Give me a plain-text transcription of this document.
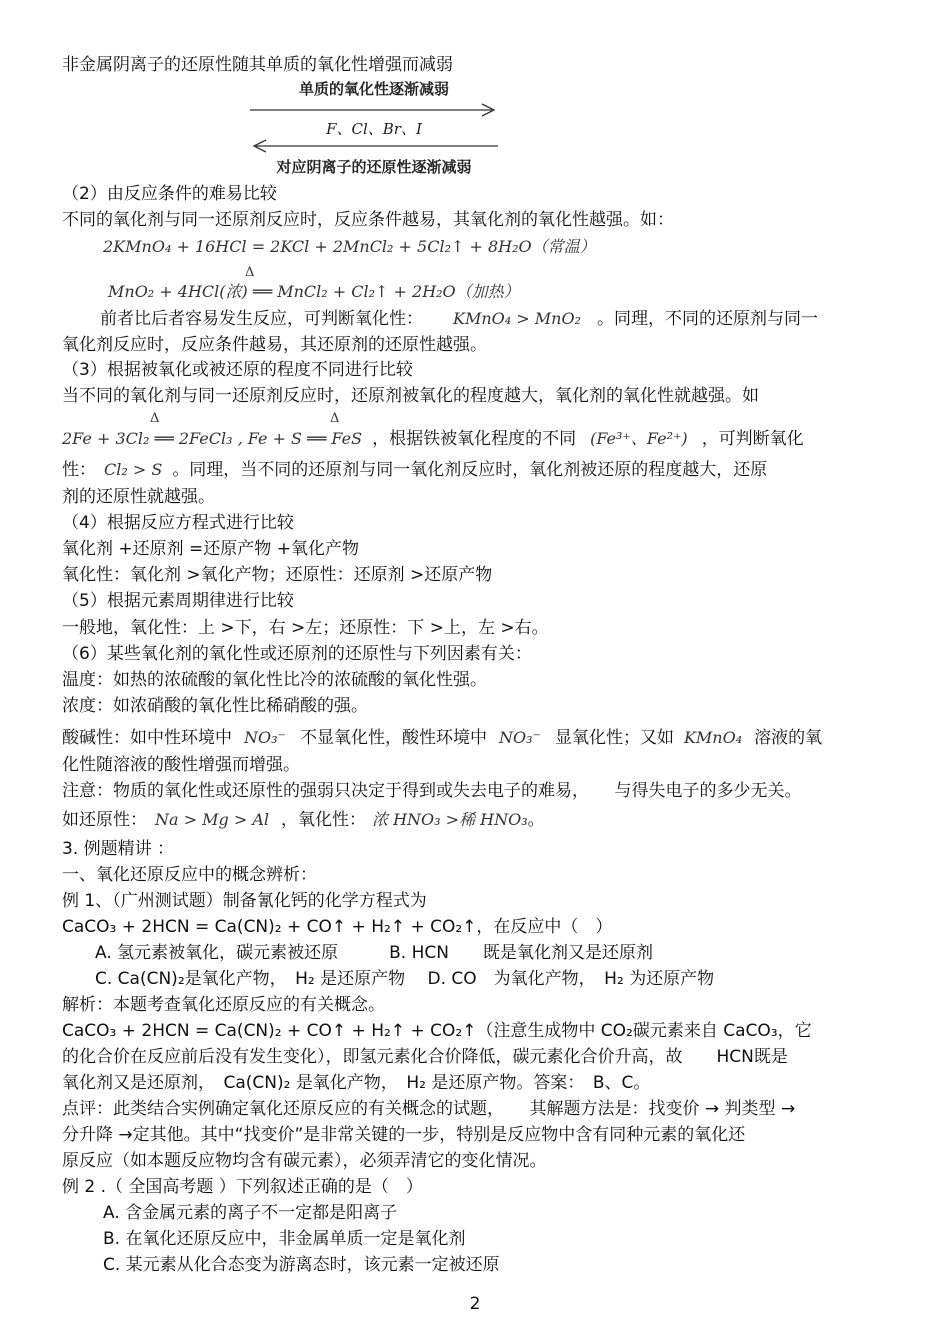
非金属阴离子的还原性随其单质的氧化性增强而减弱
单质的氧化性逐渐减弱
F、Cl、Br、I
对应阴离子的还原性逐渐减弱
（2）由反应条件的难易比较
不同的氧化剂与同一还原剂反应时，反应条件越易，其氧化剂的氧化性越强。如：
2KMnO₄ + 16HCl = 2KCl + 2MnCl₂ + 5Cl₂↑ + 8H₂O（常温）
Δ
MnO₂ + 4HCl(浓) ══ MnCl₂ + Cl₂↑ + 2H₂O（加热）
前者比后者容易发生反应，可判断氧化性： KMnO₄ > MnO₂ 。同理，不同的还原剂与同一
氧化剂反应时，反应条件越易，其还原剂的还原性越强。
（3）根据被氧化或被还原的程度不同进行比较
当不同的氧化剂与同一还原剂反应时，还原剂被氧化的程度越大，氧化剂的氧化性就越强。如
Δ	Δ
2Fe + 3Cl₂ ══ 2FeCl₃ , Fe + S ══ FeS ，根据铁被氧化程度的不同 (Fe³⁺、Fe²⁺) ，可判断氧化
性： Cl₂ > S 。同理，当不同的还原剂与同一氧化剂反应时，氧化剂被还原的程度越大，还原
剂的还原性就越强。
（4）根据反应方程式进行比较
氧化剂 +还原剂 =还原产物 +氧化产物
氧化性：氧化剂 >氧化产物；还原性：还原剂 >还原产物
（5）根据元素周期律进行比较
一般地，氧化性：上 >下，右 >左；还原性：下 >上，左 >右。
（6）某些氧化剂的氧化性或还原剂的还原性与下列因素有关：
温度：如热的浓硫酸的氧化性比冷的浓硫酸的氧化性强。
浓度：如浓硝酸的氧化性比稀硝酸的强。
酸碱性：如中性环境中 NO₃⁻ 不显氧化性，酸性环境中 NO₃⁻ 显氧化性；又如 KMnO₄ 溶液的氧
化性随溶液的酸性增强而增强。
注意：物质的氧化性或还原性的强弱只决定于得到或失去电子的难易，　　与得失电子的多少无关。
如还原性： Na > Mg > Al ，氧化性： 浓 HNO₃ >稀 HNO₃。
3. 例题精讲 ：
一、氧化还原反应中的概念辨析：
例 1、（广州测试题）制备氰化钙的化学方程式为
CaCO₃ + 2HCN = Ca(CN)₂ + CO↑ + H₂↑ + CO₂↑，在反应中（　）
A. 氢元素被氧化，碳元素被还原　　　B. HCN　　既是氧化剂又是还原剂
C. Ca(CN)₂是氧化产物，　H₂ 是还原产物　 D. CO　为氧化产物，　H₂ 为还原产物
解析：本题考查氧化还原反应的有关概念。
CaCO₃ + 2HCN = Ca(CN)₂ + CO↑ + H₂↑ + CO₂↑（注意生成物中 CO₂碳元素来自 CaCO₃，它
的化合价在反应前后没有发生变化），即氢元素化合价降低，碳元素化合价升高，故　　HCN既是
氧化剂又是还原剂，　Ca(CN)₂ 是氧化产物，　H₂ 是还原产物。答案：　B、C。
点评：此类结合实例确定氧化还原反应的有关概念的试题，　　其解题方法是：找变价 → 判类型 →
分升降 →定其他。其中“找变价”是非常关键的一步，特别是反应物中含有同种元素的氧化还
原反应（如本题反应物均含有碳元素），必须弄清它的变化情况。
例 2 .（ 全国高考题 ）下列叙述正确的是（　）
A. 含金属元素的离子不一定都是阳离子
B. 在氧化还原反应中，非金属单质一定是氧化剂
C. 某元素从化合态变为游离态时，该元素一定被还原
2
